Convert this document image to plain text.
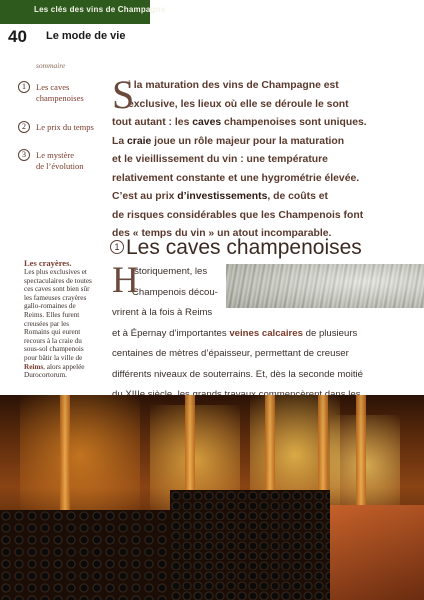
Les clés des vins de Champagne
40 Le mode de vie
sommaire
1	Les caves
champenoises
2	Le prix du temps
3	Le mystère
de l’évolution
Les crayères.
Les plus exclusives et
spectaculaires de toutes
ces caves sont bien sûr
les fameuses crayères
gallo-romaines de
Reims. Elles furent
creusées par les
Romains qui eurent
recours à la craie du
sous-sol champenois
pour bâtir la ville de
Reims, alors appelée
Durocortorum.
S
i la maturation des vins de Champagne est
exclusive, les lieux où elle se déroule le sont
tout autant : les caves champenoises sont uniques.
La craie joue un rôle majeur pour la maturation
et le vieillissement du vin : une température
relativement constante et une hygrométrie élevée.
C’est au prix d’investissements, de coûts et
de risques considérables que les Champenois font
des « temps du vin » un atout incomparable.
1 Les caves champenoises
H
istoriquement, les
Champenois décou-
vrirent à la fois à Reims
et à Épernay d’importantes veines calcaires de plusieurs
centaines de mètres d’épaisseur, permettant de creuser
différents niveaux de souterrains. Et, dès la seconde moitié
